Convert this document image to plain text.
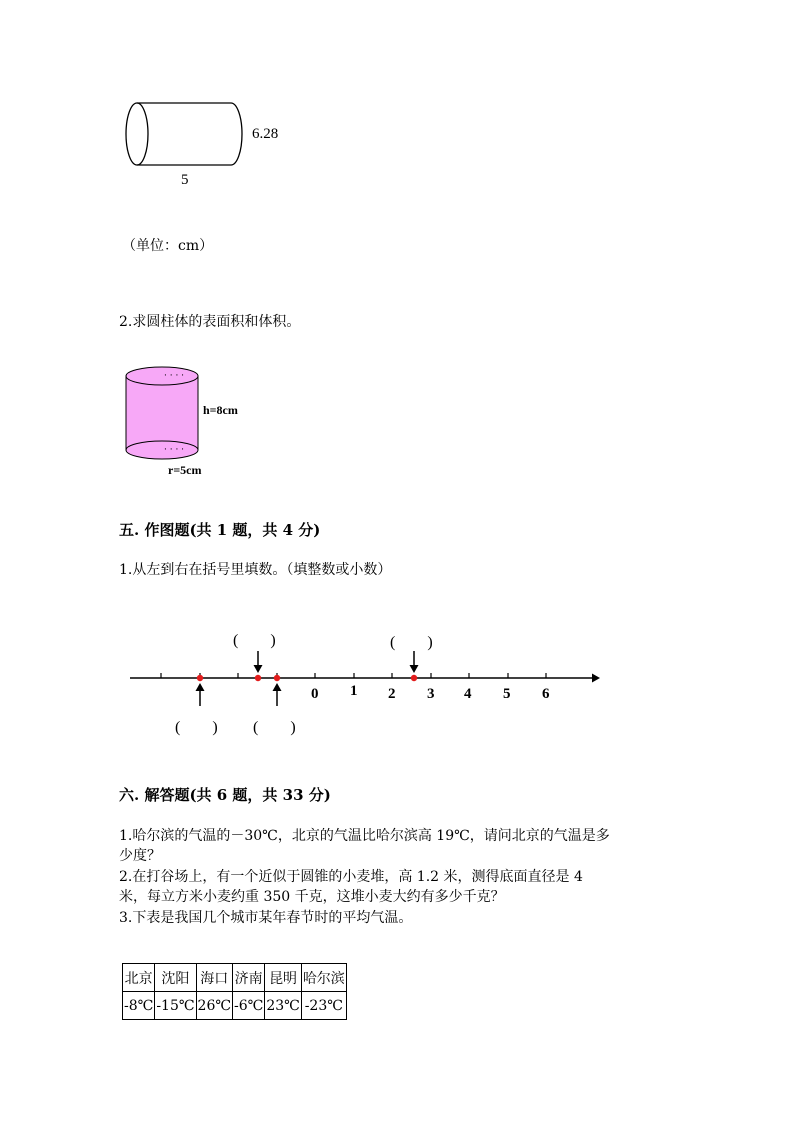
6.28
5
（单位：cm）
2.求圆柱体的表面积和体积。
· · · ·
· · · ·
h=8cm
r=5cm
五. 作图题(共 1 题，共 4 分)
1.从左到右在括号里填数。（填整数或小数）
0 1 2 3 4 5 6
(　　)	(　　)
(　　) (　　)
六. 解答题(共 6 题，共 33 分)
1.哈尔滨的气温的－30℃，北京的气温比哈尔滨高 19℃，请问北京的气温是多
少度？
2.在打谷场上，有一个近似于圆锥的小麦堆，高 1.2 米，测得底面直径是 4
米，每立方米小麦约重 350 千克，这堆小麦大约有多少千克？
3.下表是我国几个城市某年春节时的平均气温。
北京	沈阳	海口	济南	昆明	哈尔滨
-8℃	-15℃	26℃	-6℃	23℃	-23℃
